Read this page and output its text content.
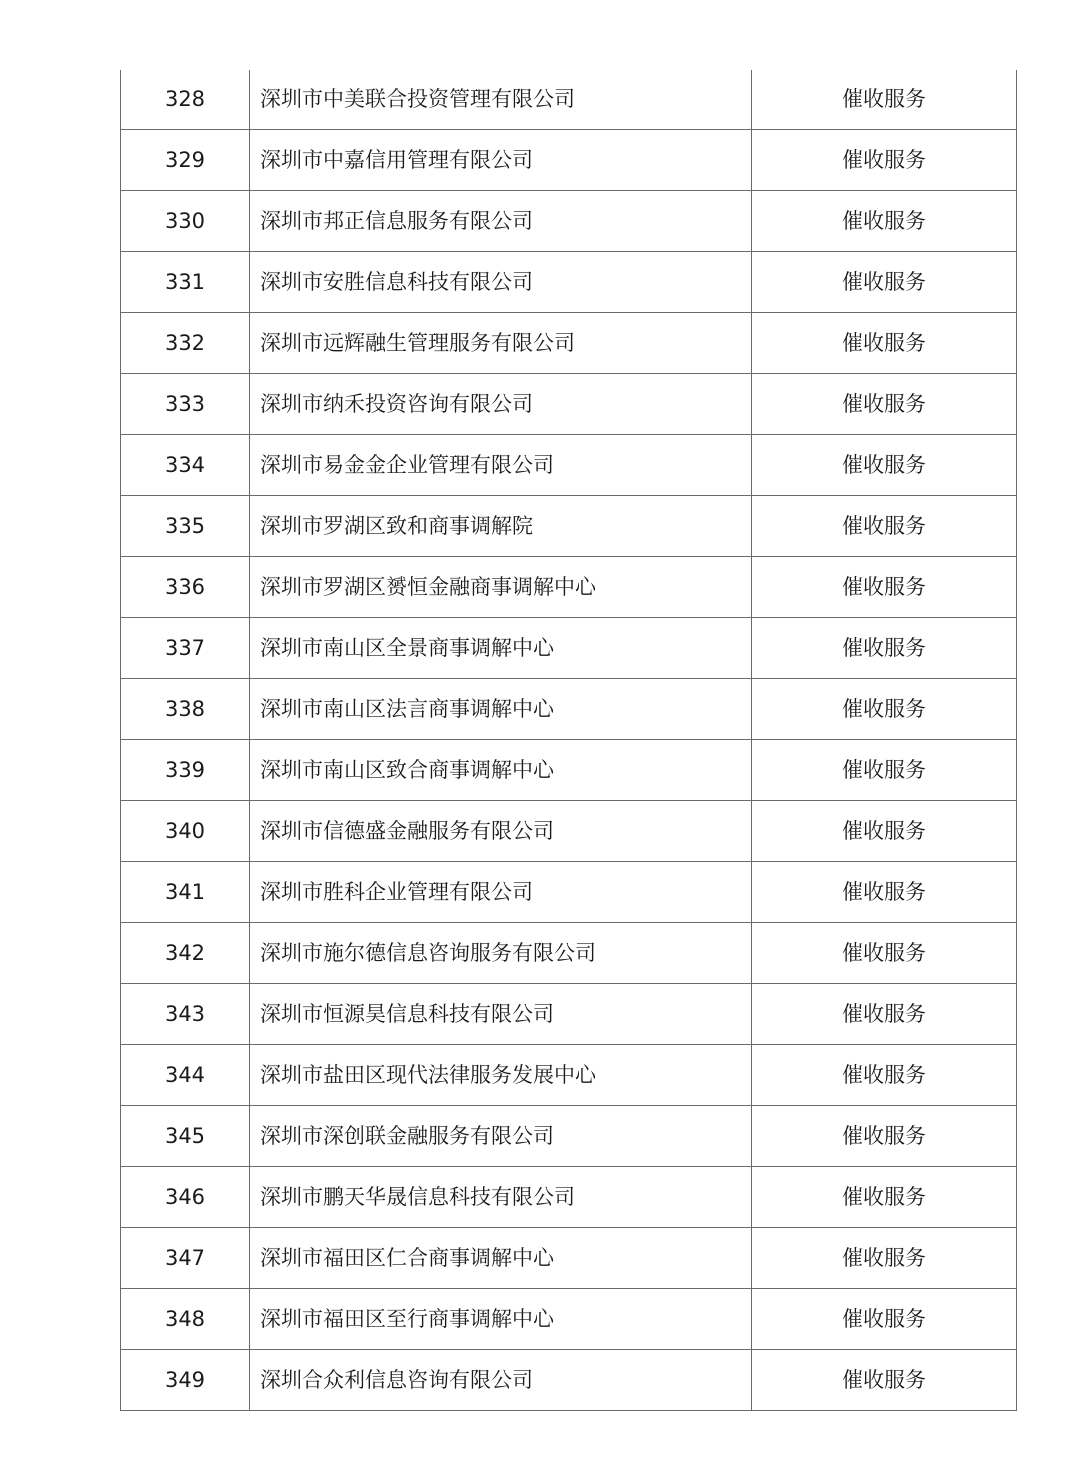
328	深圳市中美联合投资管理有限公司	催收服务
329	深圳市中嘉信用管理有限公司	催收服务
330	深圳市邦正信息服务有限公司	催收服务
331	深圳市安胜信息科技有限公司	催收服务
332	深圳市远辉融生管理服务有限公司	催收服务
333	深圳市纳禾投资咨询有限公司	催收服务
334	深圳市易金金企业管理有限公司	催收服务
335	深圳市罗湖区致和商事调解院	催收服务
336	深圳市罗湖区赟恒金融商事调解中心	催收服务
337	深圳市南山区全景商事调解中心	催收服务
338	深圳市南山区法言商事调解中心	催收服务
339	深圳市南山区致合商事调解中心	催收服务
340	深圳市信德盛金融服务有限公司	催收服务
341	深圳市胜科企业管理有限公司	催收服务
342	深圳市施尔德信息咨询服务有限公司	催收服务
343	深圳市恒源昊信息科技有限公司	催收服务
344	深圳市盐田区现代法律服务发展中心	催收服务
345	深圳市深创联金融服务有限公司	催收服务
346	深圳市鹏天华晟信息科技有限公司	催收服务
347	深圳市福田区仁合商事调解中心	催收服务
348	深圳市福田区至行商事调解中心	催收服务
349	深圳合众利信息咨询有限公司	催收服务
